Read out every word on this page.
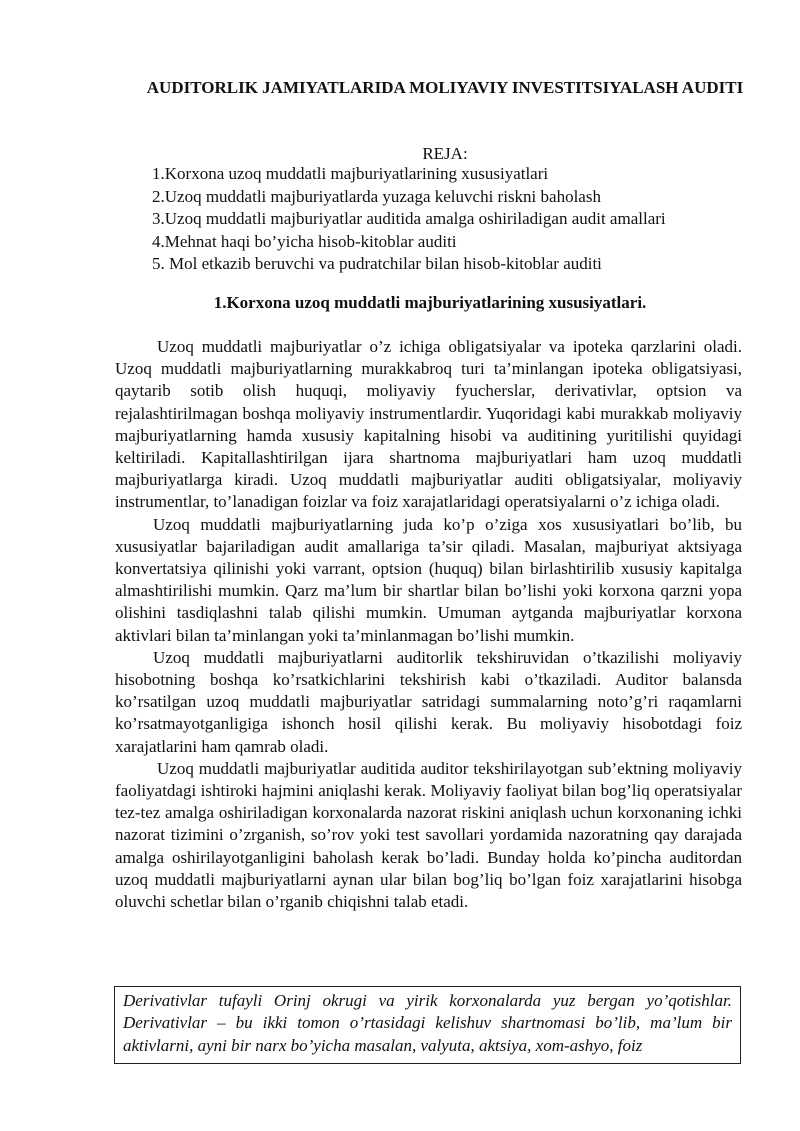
AUDITORLIK JAMIYATLARIDA MOLIYAVIY INVESTITSIYALASH AUDITI
REJA:
1.Korxona uzoq muddatli majburiyatlarining xususiyatlari
2.Uzoq muddatli majburiyatlarda yuzaga keluvchi riskni baholash
3.Uzoq muddatli majburiyatlar auditida amalga oshiriladigan audit amallari
4.Mehnat haqi bo’yicha hisob-kitoblar auditi
5. Mol etkazib beruvchi va pudratchilar bilan hisob-kitoblar auditi
1.Korxona uzoq muddatli majburiyatlarining xususiyatlari.

Uzoq muddatli majburiyatlar o’z ichiga obligatsiyalar va ipoteka qarzlarini oladi. Uzoq muddatli majburiyatlarning murakkabroq turi ta’minlangan ipoteka obligatsiyasi, qaytarib sotib olish huquqi, moliyaviy fyucherslar, derivativlar, optsion va rejalashtirilmagan boshqa moliyaviy instrumentlardir. Yuqoridagi kabi murakkab moliyaviy majburiyatlarning hamda xususiy kapitalning hisobi va auditining yuritilishi quyidagi keltiriladi. Kapitallashtirilgan ijara shartnoma majburiyatlari ham uzoq muddatli majburiyatlarga kiradi. Uzoq muddatli majburiyatlar auditi obligatsiyalar, moliyaviy instrumentlar, to’lanadigan foizlar va foiz xarajatlaridagi operatsiyalarni o’z ichiga oladi.

Uzoq muddatli majburiyatlarning juda ko’p o’ziga xos xususiyatlari bo’lib, bu xususiyatlar bajariladigan audit amallariga ta’sir qiladi. Masalan, majburiyat aktsiyaga konvertatsiya qilinishi yoki varrant, optsion (huquq) bilan birlashtirilib xususiy kapitalga almashtirilishi mumkin. Qarz ma’lum bir shartlar bilan bo’lishi yoki korxona qarzni yopa olishini tasdiqlashni talab qilishi mumkin. Umuman aytganda majburiyatlar korxona aktivlari bilan ta’minlangan yoki ta’minlanmagan bo’lishi mumkin.

Uzoq muddatli majburiyatlarni auditorlik tekshiruvidan o’tkazilishi moliyaviy hisobotning boshqa ko’rsatkichlarini tekshirish kabi o’tkaziladi. Auditor balansda ko’rsatilgan uzoq muddatli majburiyatlar satridagi summalarning noto’g’ri raqamlarni ko’rsatmayotganligiga ishonch hosil qilishi kerak. Bu moliyaviy hisobotdagi foiz xarajatlarini ham qamrab oladi.

Uzoq muddatli majburiyatlar auditida auditor tekshirilayotgan sub’ektning moliyaviy faoliyatdagi ishtiroki hajmini aniqlashi kerak. Moliyaviy faoliyat bilan bog’liq operatsiyalar tez-tez amalga oshiriladigan korxonalarda nazorat riskini aniqlash uchun korxonaning ichki nazorat tizimini o’zrganish, so’rov yoki test savollari yordamida nazoratning qay darajada amalga oshirilayotganligini baholash kerak bo’ladi. Bunday holda ko’pincha auditordan uzoq muddatli majburiyatlarni aynan ular bilan bog’liq bo’lgan foiz xarajatlarini hisobga oluvchi schetlar bilan o’rganib chiqishni talab etadi.

Derivativlar tufayli Orinj okrugi va yirik korxonalarda yuz bergan yo’qotishlar. Derivativlar – bu ikki tomon o’rtasidagi kelishuv shartnomasi bo’lib, ma’lum bir aktivlarni, ayni bir narx bo’yicha masalan, valyuta, aktsiya, xom-ashyo, foiz
